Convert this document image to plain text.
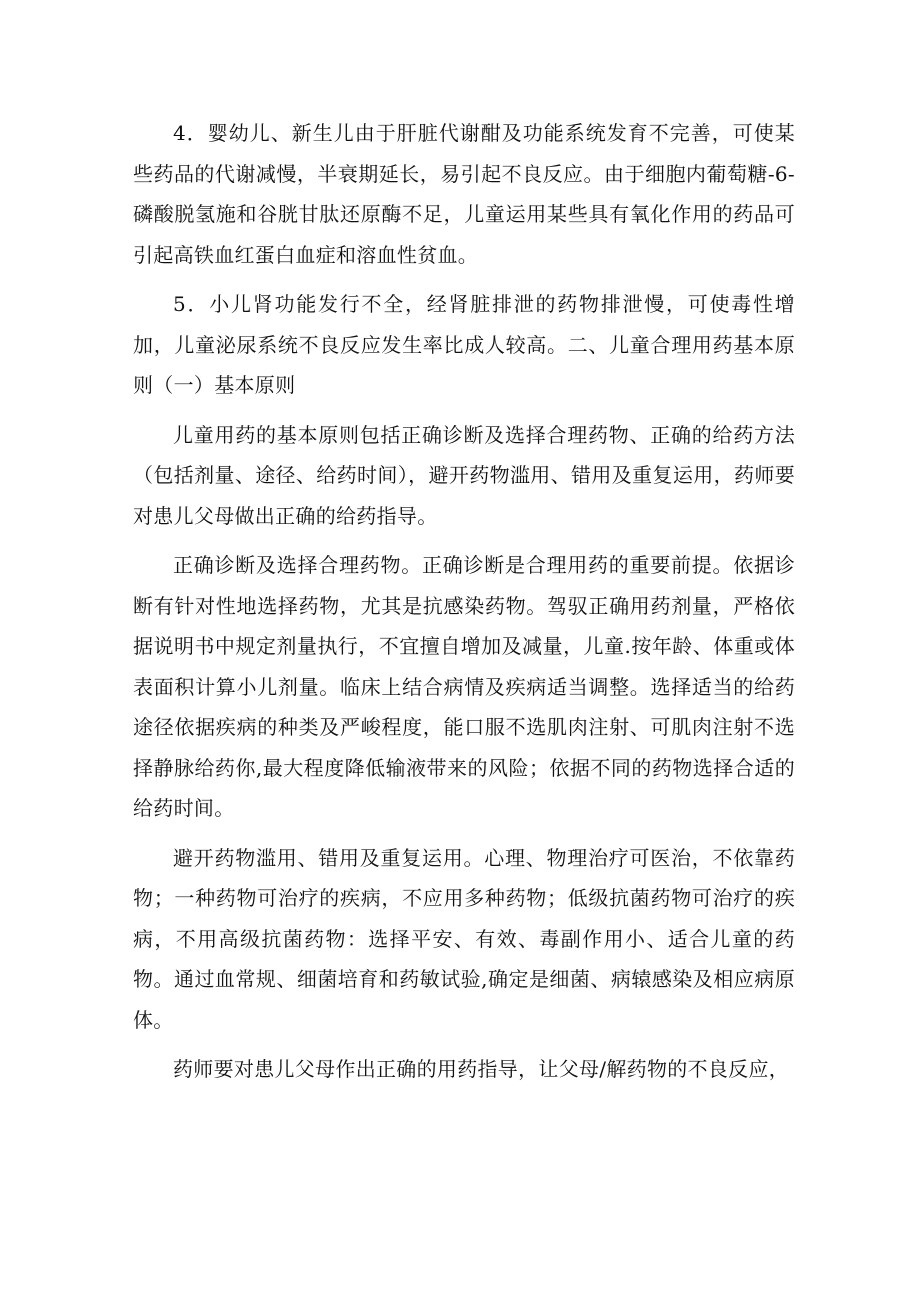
4．婴幼儿、新生儿由于肝脏代谢酣及功能系统发育不完善，可使某些药品的代谢减慢，半衰期延长，易引起不良反应。由于细胞内葡萄糖-6-磷酸脱氢施和谷胱甘肽还原酶不足，儿童运用某些具有氧化作用的药品可引起高铁血红蛋白血症和溶血性贫血。

5．小儿肾功能发行不全，经肾脏排泄的药物排泄慢，可使毒性增加，儿童泌尿系统不良反应发生率比成人较高。二、儿童合理用药基本原则（一）基本原则

儿童用药的基本原则包括正确诊断及选择合理药物、正确的给药方法（包括剂量、途径、给药时间），避开药物滥用、错用及重复运用，药师要对患儿父母做出正确的给药指导。

正确诊断及选择合理药物。正确诊断是合理用药的重要前提。依据诊断有针对性地选择药物，尤其是抗感染药物。驾驭正确用药剂量，严格依据说明书中规定剂量执行，不宜擅自增加及减量，儿童.按年龄、体重或体表面积计算小儿剂量。临床上结合病情及疾病适当调整。选择适当的给药途径依据疾病的种类及严峻程度，能口服不选肌肉注射、可肌肉注射不选择静脉给药你,最大程度降低输液带来的风险；依据不同的药物选择合适的给药时间。

避开药物滥用、错用及重复运用。心理、物理治疗可医治，不依靠药物；一种药物可治疗的疾病，不应用多种药物；低级抗菌药物可治疗的疾病，不用高级抗菌药物：选择平安、有效、毒副作用小、适合儿童的药物。通过血常规、细菌培育和药敏试验,确定是细菌、病辕感染及相应病原体。

药师要对患儿父母作出正确的用药指导，让父母/解药物的不良反应，
